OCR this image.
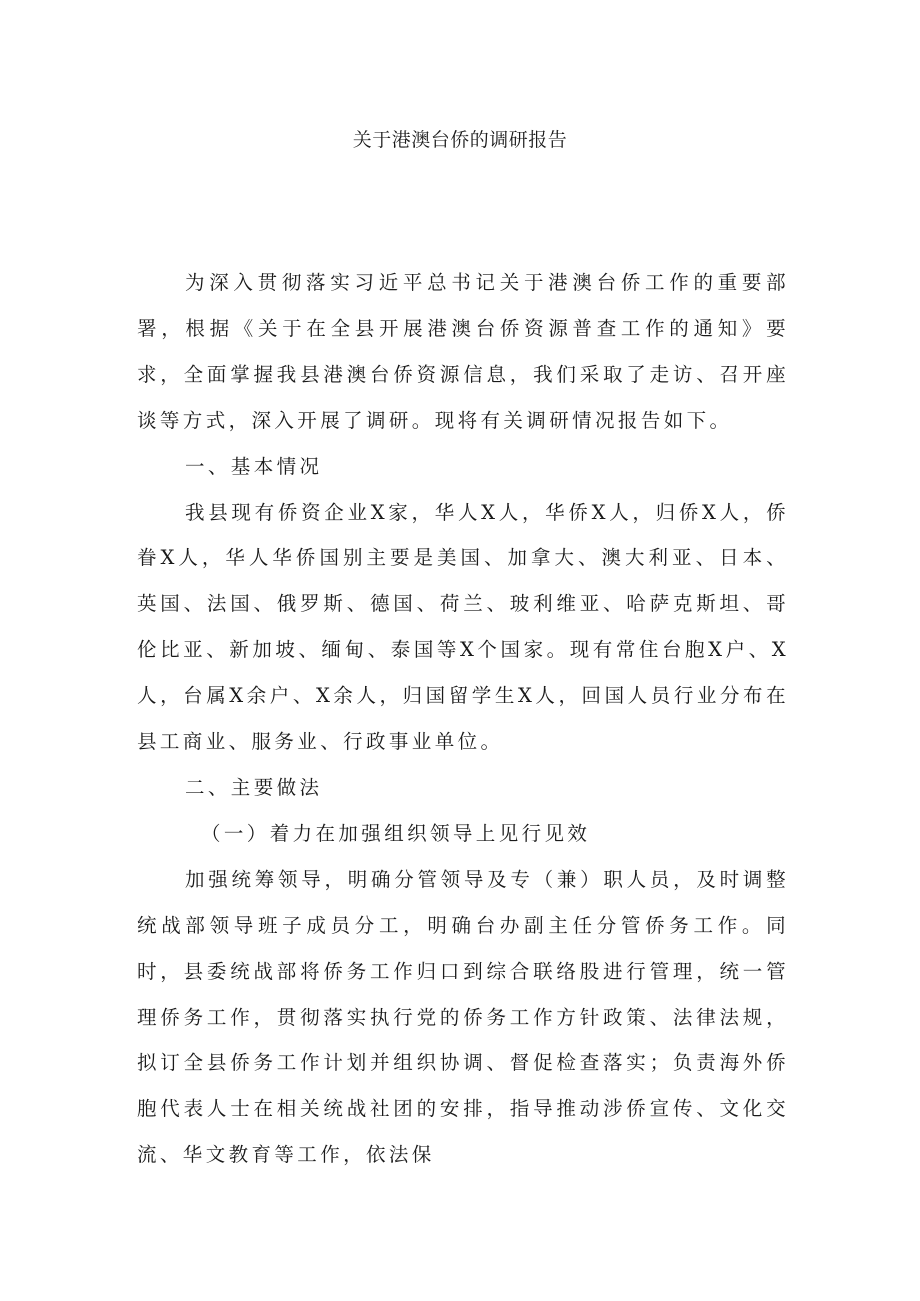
关于港澳台侨的调研报告

为深入贯彻落实习近平总书记关于港澳台侨工作的重要部署，根据《关于在全县开展港澳台侨资源普查工作的通知》要求，全面掌握我县港澳台侨资源信息，我们采取了走访、召开座谈等方式，深入开展了调研。现将有关调研情况报告如下。

一、基本情况

我县现有侨资企业X家，华人X人，华侨X人，归侨X人，侨眷X人，华人华侨国别主要是美国、加拿大、澳大利亚、日本、英国、法国、俄罗斯、德国、荷兰、玻利维亚、哈萨克斯坦、哥伦比亚、新加坡、缅甸、泰国等X个国家。现有常住台胞X户、X人，台属X余户、X余人，归国留学生X人，回国人员行业分布在县工商业、服务业、行政事业单位。

二、主要做法

（一）着力在加强组织领导上见行见效

加强统筹领导，明确分管领导及专（兼）职人员，及时调整统战部领导班子成员分工，明确台办副主任分管侨务工作。同时，县委统战部将侨务工作归口到综合联络股进行管理，统一管理侨务工作，贯彻落实执行党的侨务工作方针政策、法律法规，拟订全县侨务工作计划并组织协调、督促检查落实；负责海外侨胞代表人士在相关统战社团的安排，指导推动涉侨宣传、文化交流、华文教育等工作，依法保
